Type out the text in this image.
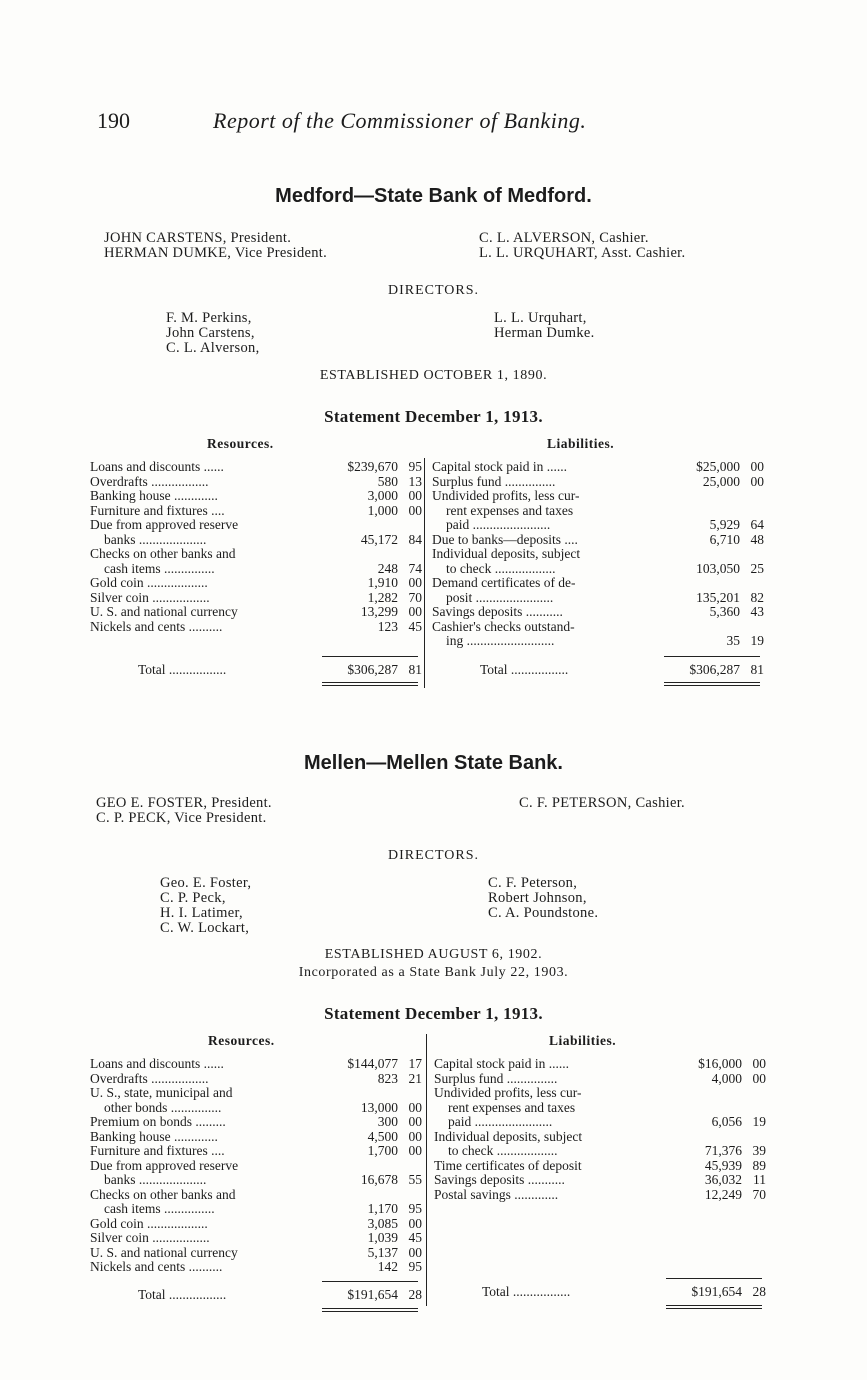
190	Report of the Commissioner of Banking.
Medford—State Bank of Medford.
JOHN CARSTENS, President.
HERMAN DUMKE, Vice President.
C. L. ALVERSON, Cashier.
L. L. URQUHART, Asst. Cashier.
DIRECTORS.
F. M. Perkins,
John Carstens,
C. L. Alverson,
L. L. Urquhart,
Herman Dumke.
ESTABLISHED OCTOBER 1, 1890.
Statement December 1, 1913.
Resources.	Liabilities.
Loans and discounts ......	$239,670 95
Overdrafts .................	580 13
Banking house .............	3,000 00
Furniture and fixtures ....	1,000 00
Due from approved reserve
banks ....................	45,172 84
Checks on other banks and
cash items ...............	248 74
Gold coin ..................	1,910 00
Silver coin .................	1,282 70
U. S. and national currency	13,299 00
Nickels and cents ..........	123 45
Capital stock paid in ......	$25,000 00
Surplus fund ...............	25,000 00
Undivided profits, less cur-
rent expenses and taxes
paid .......................	5,929 64
Due to banks—deposits ....	6,710 48
Individual deposits, subject
to check ..................	103,050 25
Demand certificates of de-
posit .......................	135,201 82
Savings deposits ...........	5,360 43
Cashier's checks outstand-
ing ..........................	35 19
Total .................	$306,287 81	Total .................	$306,287 81
Mellen—Mellen State Bank.
GEO E. FOSTER, President.
C. P. PECK, Vice President.
C. F. PETERSON, Cashier.
DIRECTORS.
Geo. E. Foster,
C. P. Peck,
H. I. Latimer,
C. W. Lockart,
C. F. Peterson,
Robert Johnson,
C. A. Poundstone.
ESTABLISHED AUGUST 6, 1902.
Incorporated as a State Bank July 22, 1903.
Statement December 1, 1913.
Resources.	Liabilities.
Loans and discounts ......	$144,077 17
Overdrafts .................	823 21
U. S., state, municipal and
other bonds ...............	13,000 00
Premium on bonds .........	300 00
Banking house .............	4,500 00
Furniture and fixtures ....	1,700 00
Due from approved reserve
banks ....................	16,678 55
Checks on other banks and
cash items ...............	1,170 95
Gold coin ..................	3,085 00
Silver coin .................	1,039 45
U. S. and national currency	5,137 00
Nickels and cents ..........	142 95
Capital stock paid in ......	$16,000 00
Surplus fund ...............	4,000 00
Undivided profits, less cur-
rent expenses and taxes
paid .......................	6,056 19
Individual deposits, subject
to check ..................	71,376 39
Time certificates of deposit	45,939 89
Savings deposits ...........	36,032 11
Postal savings .............	12,249 70
Total .................	$191,654 28	Total .................	$191,654 28
